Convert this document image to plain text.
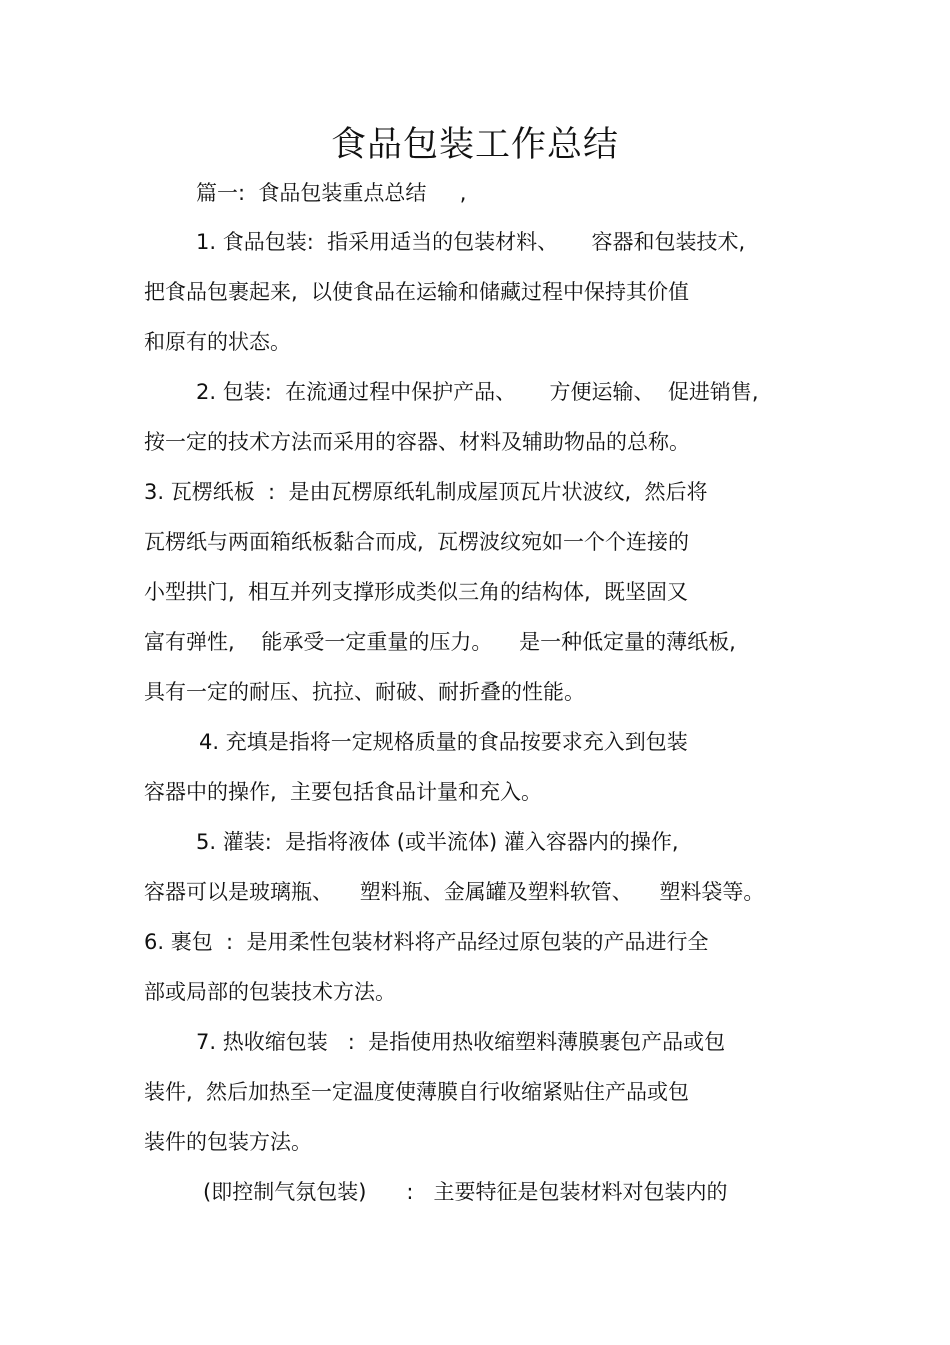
食品包装工作总结
篇一:  食品包装重点总结     ,
1. 食品包装:  指采用适当的包装材料、     容器和包装技术,
把食品包裹起来,  以使食品在运输和储藏过程中保持其价值
和原有的状态。
2. 包装:  在流通过程中保护产品、     方便运输、  促进销售,
按一定的技术方法而采用的容器、材料及辅助物品的总称。
3. 瓦楞纸板  :  是由瓦楞原纸轧制成屋顶瓦片状波纹,  然后将
瓦楞纸与两面箱纸板黏合而成,  瓦楞波纹宛如一个个连接的
小型拱门,  相互并列支撑形成类似三角的结构体,  既坚固又
富有弹性,    能承受一定重量的压力。    是一种低定量的薄纸板,
具有一定的耐压、抗拉、耐破、耐折叠的性能。
4. 充填是指将一定规格质量的食品按要求充入到包装
容器中的操作,  主要包括食品计量和充入。
5. 灌装:  是指将液体 (或半流体) 灌入容器内的操作,
容器可以是玻璃瓶、    塑料瓶、金属罐及塑料软管、    塑料袋等。
6. 裹包  :  是用柔性包装材料将产品经过原包装的产品进行全
部或局部的包装技术方法。
7. 热收缩包装   :  是指使用热收缩塑料薄膜裹包产品或包
装件,  然后加热至一定温度使薄膜自行收缩紧贴住产品或包
装件的包装方法。
(即控制气氛包装)      :   主要特征是包装材料对包装内的
